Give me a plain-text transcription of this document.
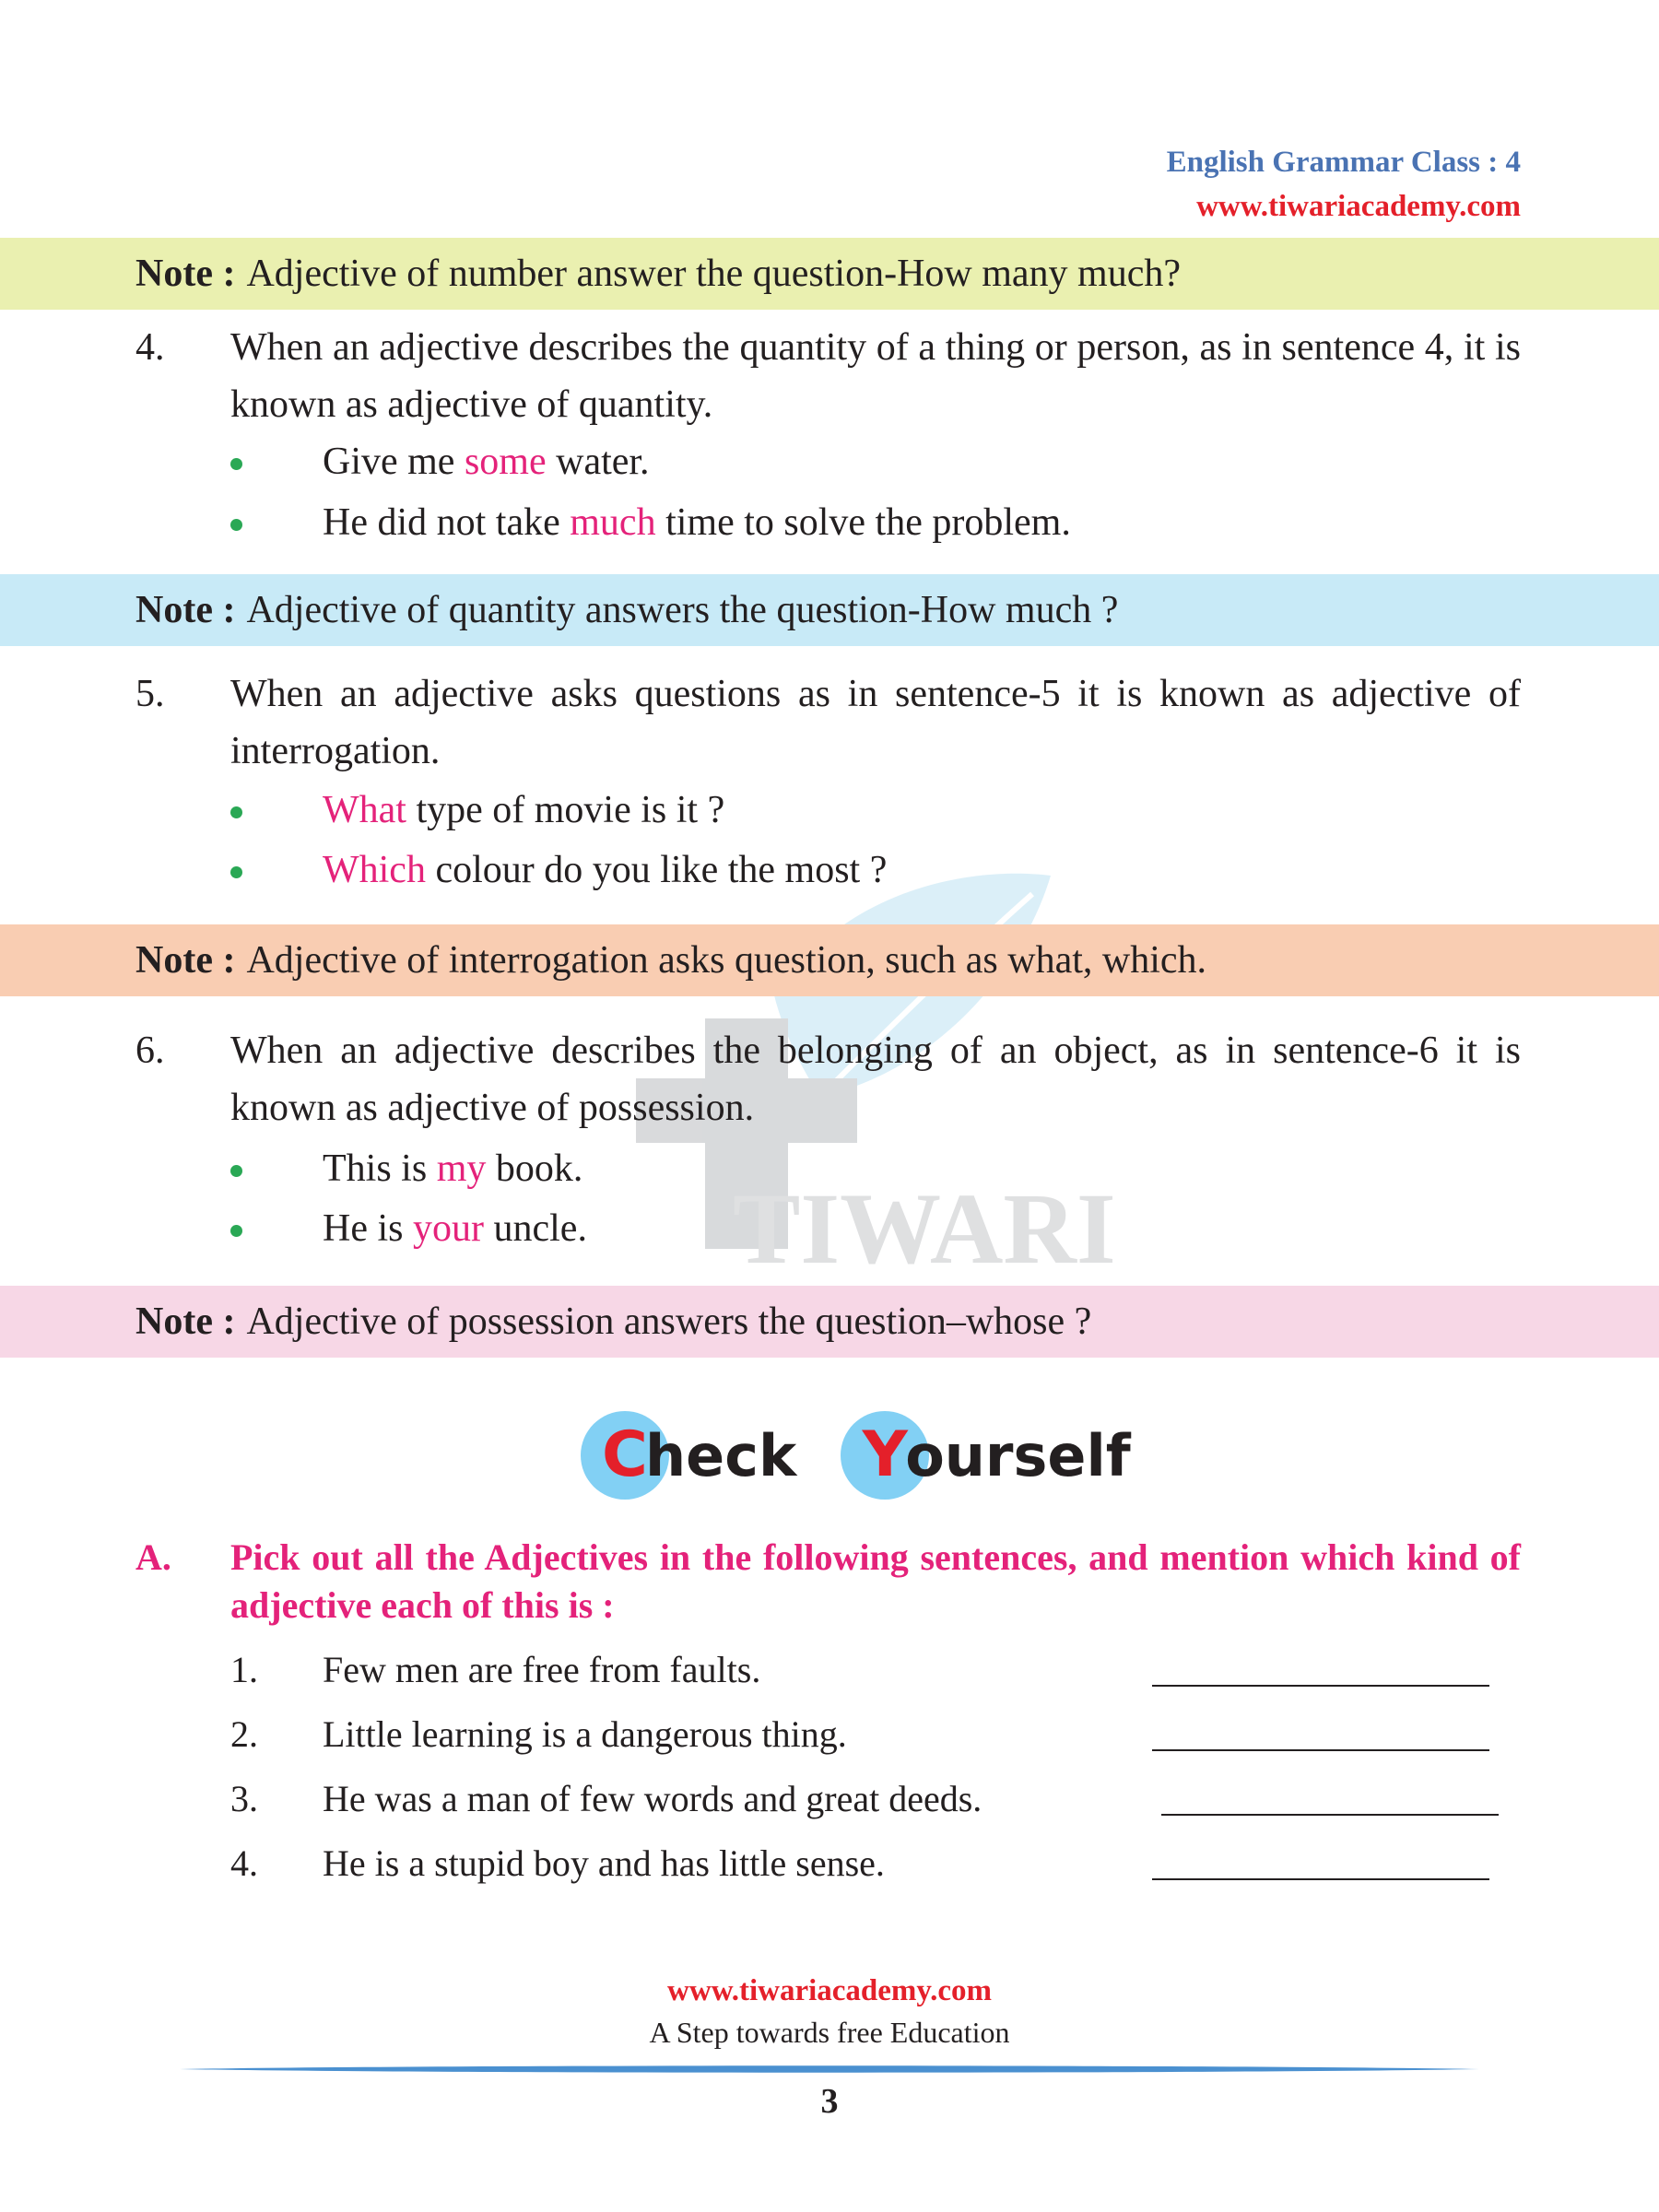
TIWARI
English Grammar Class : 4
www.tiwariacademy.com
Note : Adjective of number answer the question-How many much?
4. When an adjective describes the quantity of a thing or person, as in sentence 4, it is known as adjective of quantity.
Give me some water.
He did not take much time to solve the problem.
Note : Adjective of quantity answers the question-How much ?
5. When an adjective asks questions as in sentence-5 it is known as adjective of interrogation.
What type of movie is it ?
Which colour do you like the most ?
Note : Adjective of interrogation asks question, such as what, which.
6. When an adjective describes the belonging of an object, as in sentence-6 it is known as adjective of possession.
This is my book.
He is your uncle.
Note : Adjective of possession answers the question–whose ?
C
heck	Y
ourself
A. Pick out all the Adjectives in the following sentences, and mention which kind of adjective each of this is :
1. Few men are free from faults.
2. Little learning is a dangerous thing.
3. He was a man of few words and great deeds.
4. He is a stupid boy and has little sense.
www.tiwariacademy.com
A Step towards free Education
3
